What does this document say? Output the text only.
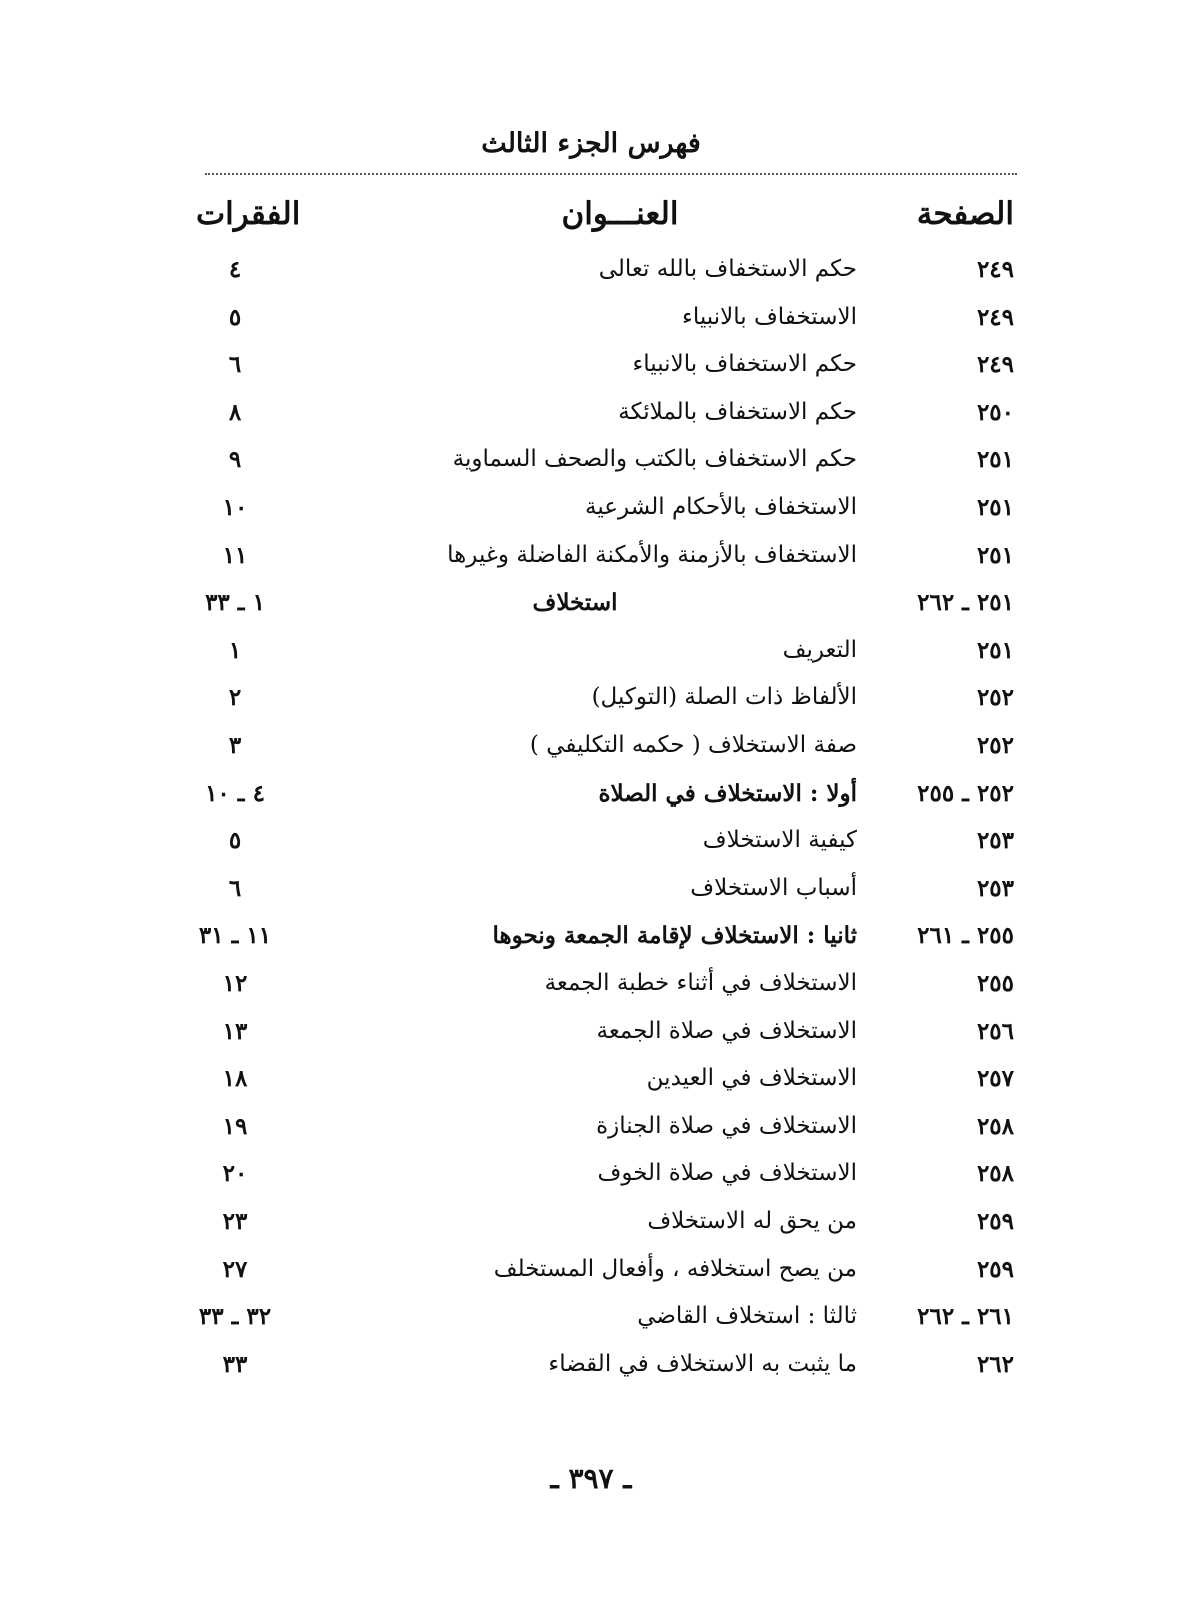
فهرس الجزء الثالث
الصفحة
العنـــوان
الفقرات
٢٤٩
حكم الاستخفاف بالله تعالى
٤
٢٤٩
الاستخفاف بالانبياء
٥
٢٤٩
حكم الاستخفاف بالانبياء
٦
٢٥٠
حكم الاستخفاف بالملائكة
٨
٢٥١
حكم الاستخفاف بالكتب والصحف السماوية
٩
٢٥١
الاستخفاف بالأحكام الشرعية
١٠
٢٥١
الاستخفاف بالأزمنة والأمكنة الفاضلة وغيرها
١١
٢٥١ ـ ٢٦٢
استخلاف
١ ـ ٣٣
٢٥١
التعريف
١
٢٥٢
الألفاظ ذات الصلة (التوكيل)
٢
٢٥٢
صفة الاستخلاف ( حكمه التكليفي )
٣
٢٥٢ ـ ٢٥٥
أولا : الاستخلاف في الصلاة
٤ ـ ١٠
٢٥٣
كيفية الاستخلاف
٥
٢٥٣
أسباب الاستخلاف
٦
٢٥٥ ـ ٢٦١
ثانيا : الاستخلاف لإقامة الجمعة ونحوها
١١ ـ ٣١
٢٥٥
الاستخلاف في أثناء خطبة الجمعة
١٢
٢٥٦
الاستخلاف في صلاة الجمعة
١٣
٢٥٧
الاستخلاف في العيدين
١٨
٢٥٨
الاستخلاف في صلاة الجنازة
١٩
٢٥٨
الاستخلاف في صلاة الخوف
٢٠
٢٥٩
من يحق له الاستخلاف
٢٣
٢٥٩
من يصح استخلافه ، وأفعال المستخلف
٢٧
٢٦١ ـ ٢٦٢
ثالثا : استخلاف القاضي
٣٢ ـ ٣٣
٢٦٢
ما يثبت به الاستخلاف في القضاء
٣٣
ـ ٣٩٧ ـ
